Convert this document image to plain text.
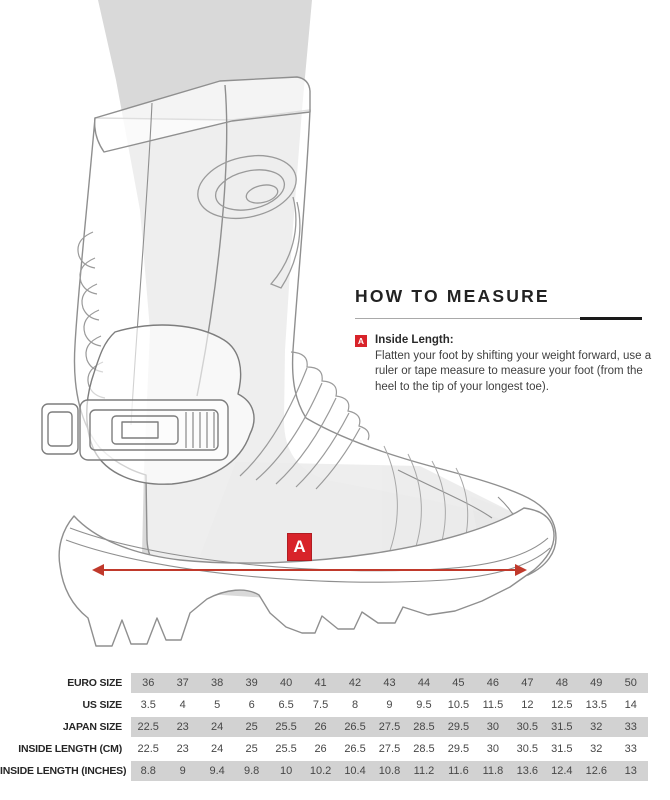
A
HOW TO MEASURE
A Inside Length:
Flatten your foot by shifting your weight forward, use a ruler or tape measure to measure your foot (from the heel to the tip of your longest toe).
EURO SIZE	36	37	38	39	40	41	42	43	44	45	46	47	48	49	50
US SIZE	3.5	4	5	6	6.5	7.5	8	9	9.5	10.5	11.5	12	12.5	13.5	14
JAPAN SIZE	22.5	23	24	25	25.5	26	26.5	27.5	28.5	29.5	30	30.5	31.5	32	33
INSIDE LENGTH (CM)	22.5	23	24	25	25.5	26	26.5	27.5	28.5	29.5	30	30.5	31.5	32	33
INSIDE LENGTH (INCHES)	8.8	9	9.4	9.8	10	10.2	10.4	10.8	11.2	11.6	11.8	13.6	12.4	12.6	13
